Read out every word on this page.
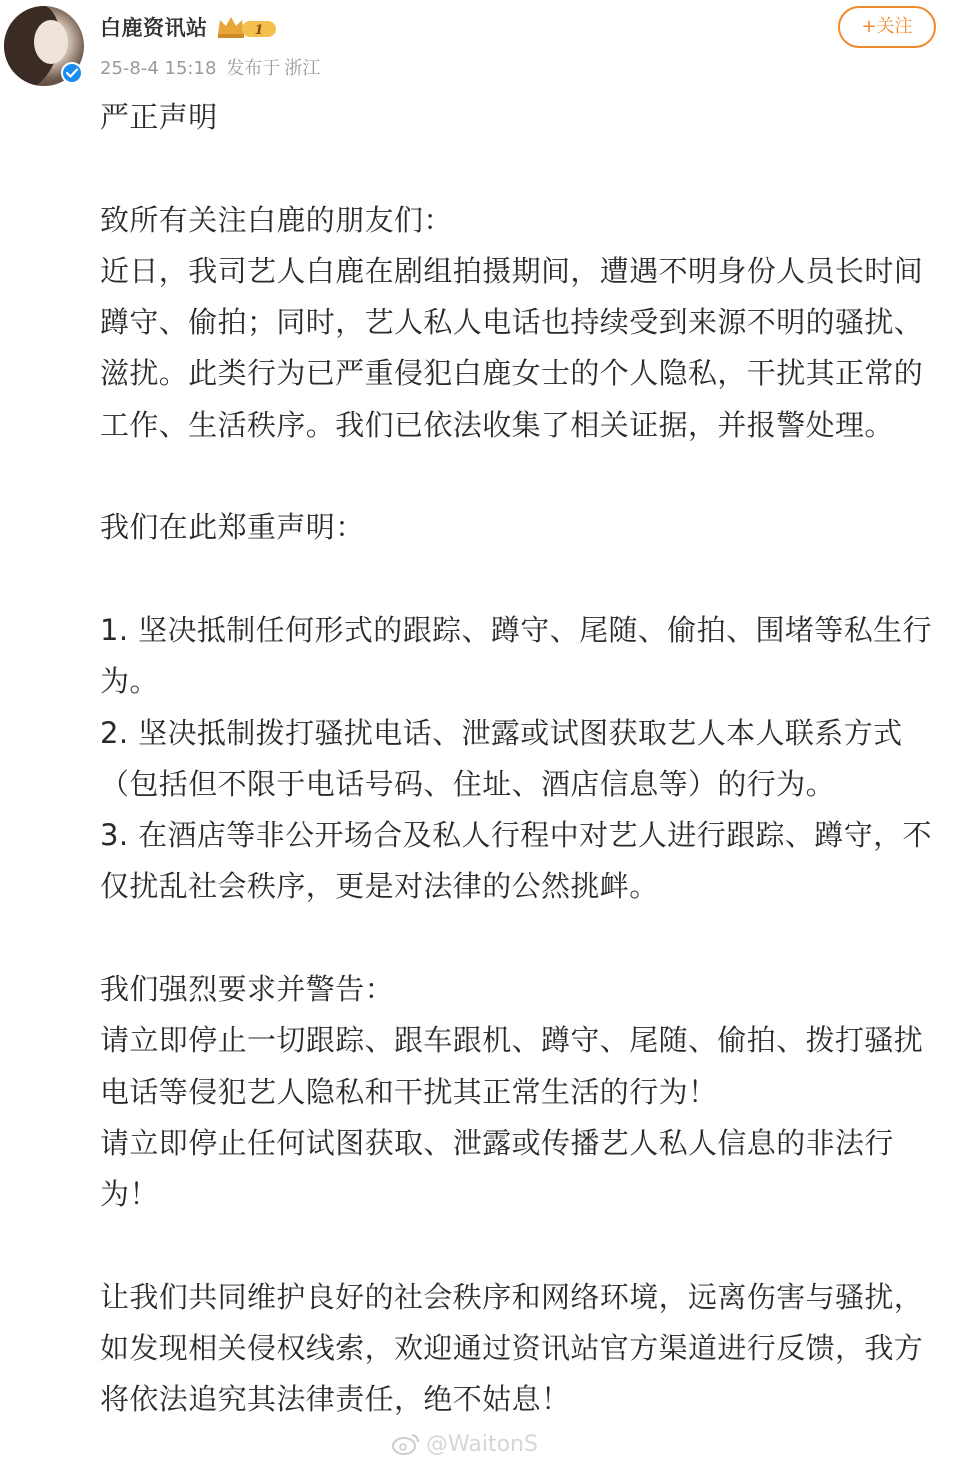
白鹿资讯站	1
25-8-4 15:18 发布于 浙江
+关注

严正声明

致所有关注白鹿的朋友们：

近日，我司艺人白鹿在剧组拍摄期间，遭遇不明身份人员长时间蹲守、偷拍；同时，艺人私人电话也持续受到来源不明的骚扰、滋扰。此类行为已严重侵犯白鹿女士的个人隐私，干扰其正常的工作、生活秩序。我们已依法收集了相关证据，并报警处理。

我们在此郑重声明：

1. 坚决抵制任何形式的跟踪、蹲守、尾随、偷拍、围堵等私生行为。

2. 坚决抵制拨打骚扰电话、泄露或试图获取艺人本人联系方式（包括但不限于电话号码、住址、酒店信息等）的行为。

3. 在酒店等非公开场合及私人行程中对艺人进行跟踪、蹲守，不仅扰乱社会秩序，更是对法律的公然挑衅。

我们强烈要求并警告：

请立即停止一切跟踪、跟车跟机、蹲守、尾随、偷拍、拨打骚扰电话等侵犯艺人隐私和干扰其正常生活的行为！

请立即停止任何试图获取、泄露或传播艺人私人信息的非法行为！

让我们共同维护良好的社会秩序和网络环境，远离伤害与骚扰，如发现相关侵权线索，欢迎通过资讯站官方渠道进行反馈，我方将依法追究其法律责任，绝不姑息！

@WaitonS
